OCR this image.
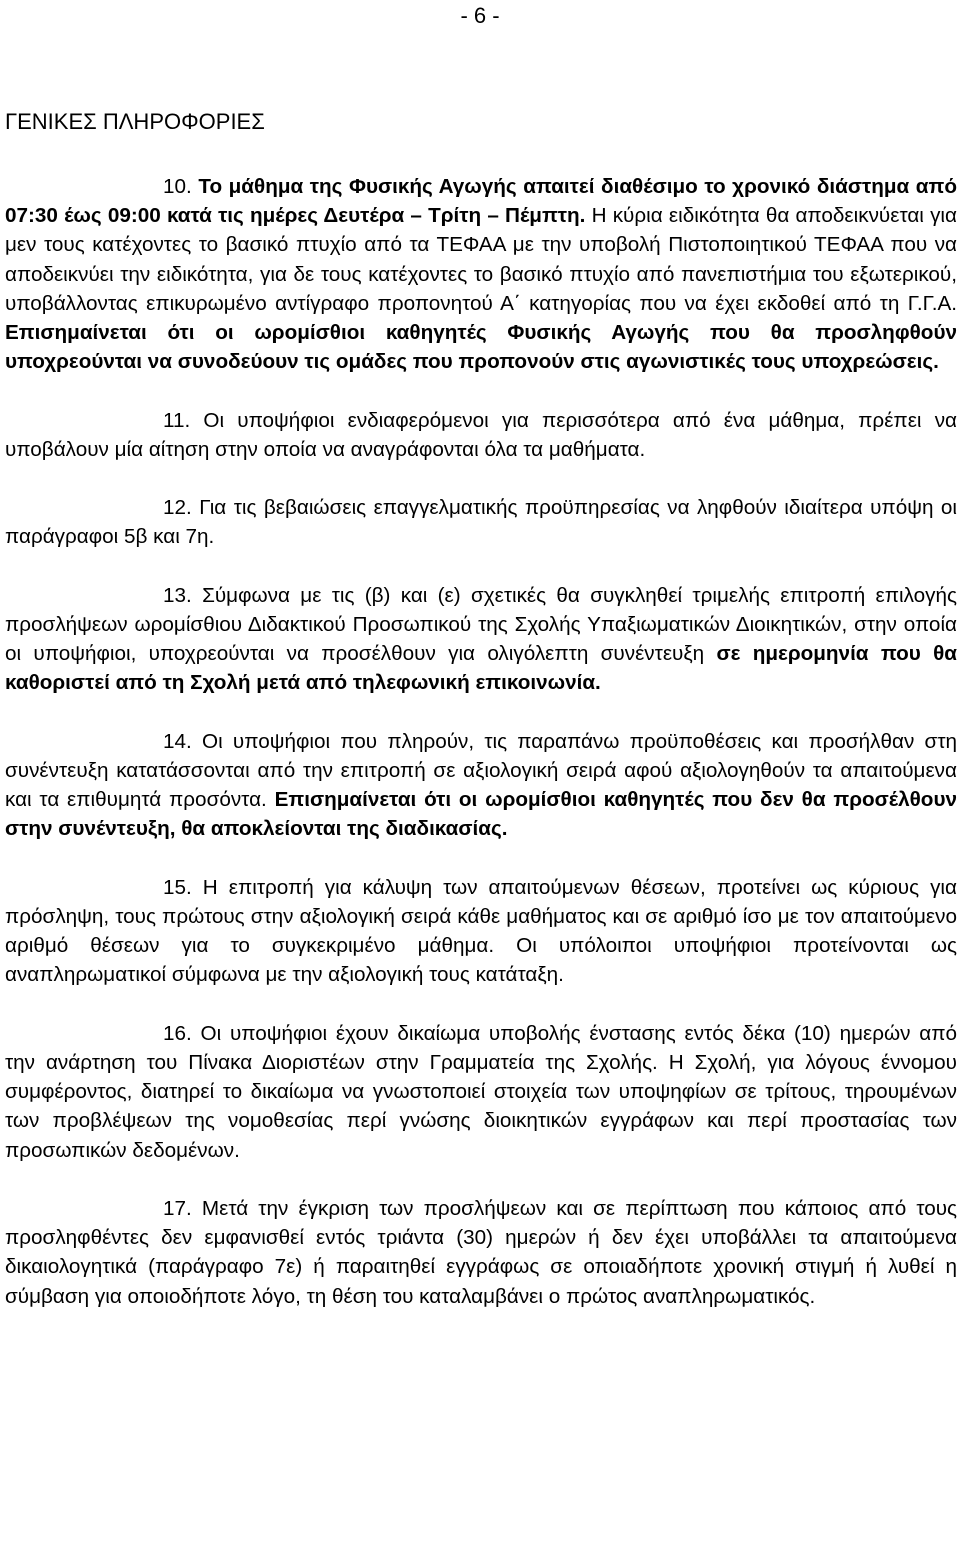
- 6 -
ΓΕΝΙΚΕΣ ΠΛΗΡΟΦΟΡΙΕΣ

10. Το μάθημα της Φυσικής Αγωγής απαιτεί διαθέσιμο το χρονικό διάστημα από 07:30 έως 09:00 κατά τις ημέρες Δευτέρα – Τρίτη – Πέμπτη. Η κύρια ειδικότητα θα αποδεικνύεται για μεν τους κατέχοντες το βασικό πτυχίο από τα ΤΕΦΑΑ με την υποβολή Πιστοποιητικού ΤΕΦΑΑ που να αποδεικνύει την ειδικότητα, για δε τους κατέχοντες το βασικό πτυχίο από πανεπιστήμια του εξωτερικού, υποβάλλοντας επικυρωμένο αντίγραφο προπονητού Α΄ κατηγορίας που να έχει εκδοθεί από τη Γ.Γ.Α. Επισημαίνεται ότι οι ωρομίσθιοι καθηγητές Φυσικής Αγωγής που θα προσληφθούν υποχρεούνται να συνοδεύουν τις ομάδες που προπονούν στις αγωνιστικές τους υποχρεώσεις.

11. Οι υποψήφιοι ενδιαφερόμενοι για περισσότερα από ένα μάθημα, πρέπει να υποβάλουν μία αίτηση στην οποία να αναγράφονται όλα τα μαθήματα.

12. Για τις βεβαιώσεις επαγγελματικής προϋπηρεσίας να ληφθούν ιδιαίτερα υπόψη οι παράγραφοι 5β και 7η.

13. Σύμφωνα με τις (β) και (ε) σχετικές θα συγκληθεί τριμελής επιτροπή επιλογής προσλήψεων ωρομίσθιου Διδακτικού Προσωπικού της Σχολής Υπαξιωματικών Διοικητικών, στην οποία οι υποψήφιοι, υποχρεούνται να προσέλθουν για ολιγόλεπτη συνέντευξη σε ημερομηνία που θα καθοριστεί από τη Σχολή μετά από τηλεφωνική επικοινωνία.

14. Οι υποψήφιοι που πληρούν, τις παραπάνω προϋποθέσεις και προσήλθαν στη συνέντευξη κατατάσσονται από την επιτροπή σε αξιολογική σειρά αφού αξιολογηθούν τα απαιτούμενα και τα επιθυμητά προσόντα. Επισημαίνεται ότι οι ωρομίσθιοι καθηγητές που δεν θα προσέλθουν στην συνέντευξη, θα αποκλείονται της διαδικασίας.

15. Η επιτροπή για κάλυψη των απαιτούμενων θέσεων, προτείνει ως κύριους για πρόσληψη, τους πρώτους στην αξιολογική σειρά κάθε μαθήματος και σε αριθμό ίσο με τον απαιτούμενο αριθμό θέσεων για το συγκεκριμένο μάθημα. Οι υπόλοιποι υποψήφιοι προτείνονται ως αναπληρωματικοί σύμφωνα με την αξιολογική τους κατάταξη.

16. Οι υποψήφιοι έχουν δικαίωμα υποβολής ένστασης εντός δέκα (10) ημερών από την ανάρτηση του Πίνακα Διοριστέων στην Γραμματεία της Σχολής. Η Σχολή, για λόγους έννομου συμφέροντος, διατηρεί το δικαίωμα να γνωστοποιεί στοιχεία των υποψηφίων σε τρίτους, τηρουμένων των προβλέψεων της νομοθεσίας περί γνώσης διοικητικών εγγράφων και περί προστασίας των προσωπικών δεδομένων.

17. Μετά την έγκριση των προσλήψεων και σε περίπτωση που κάποιος από τους προσληφθέντες δεν εμφανισθεί εντός τριάντα (30) ημερών ή δεν έχει υποβάλλει τα απαιτούμενα δικαιολογητικά (παράγραφο 7ε) ή παραιτηθεί εγγράφως σε οποιαδήποτε χρονική στιγμή ή λυθεί η σύμβαση για οποιοδήποτε λόγο, τη θέση του καταλαμβάνει ο πρώτος αναπληρωματικός.
